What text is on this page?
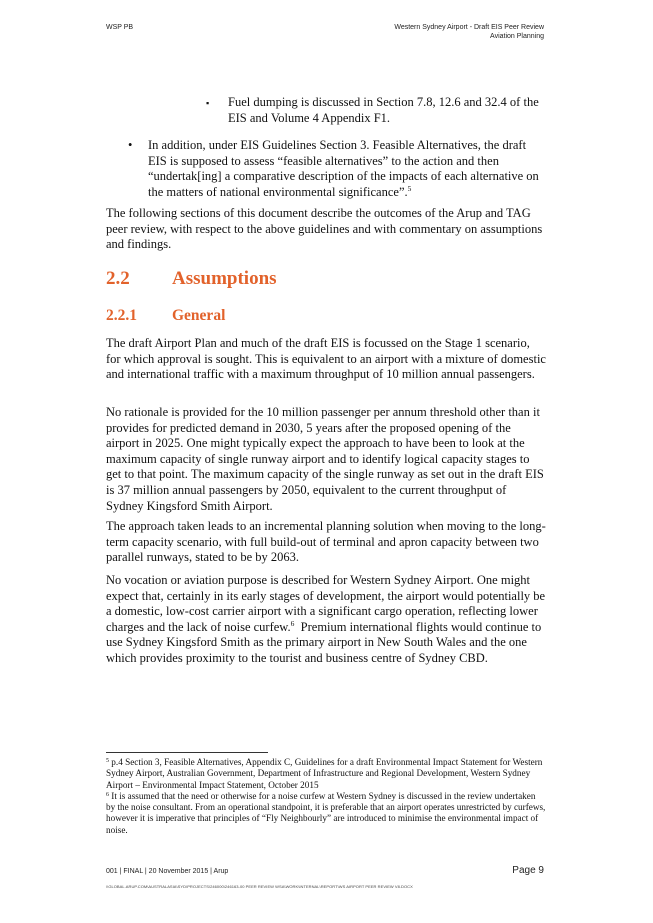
WSP PB	Western Sydney Airport - Draft EIS Peer Review
Aviation Planning
▪ Fuel dumping is discussed in Section 7.8, 12.6 and 32.4 of the EIS and Volume 4 Appendix F1.
• In addition, under EIS Guidelines Section 3. Feasible Alternatives, the draft EIS is supposed to assess “feasible alternatives” to the action and then “undertak[ing] a comparative description of the impacts of each alternative on the matters of national environmental significance”.$^5$

The following sections of this document describe the outcomes of the Arup and TAG peer review, with respect to the above guidelines and with commentary on assumptions and findings.

2.2 Assumptions
2.2.1 General

The draft Airport Plan and much of the draft EIS is focussed on the Stage 1 scenario, for which approval is sought. This is equivalent to an airport with a mixture of domestic and international traffic with a maximum throughput of 10 million annual passengers.

No rationale is provided for the 10 million passenger per annum threshold other than it provides for predicted demand in 2030, 5 years after the proposed opening of the airport in 2025. One might typically expect the approach to have been to look at the maximum capacity of single runway airport and to identify logical capacity stages to get to that point. The maximum capacity of the single runway as set out in the draft EIS is 37 million annual passengers by 2050, equivalent to the current throughput of Sydney Kingsford Smith Airport.

The approach taken leads to an incremental planning solution when moving to the long-term capacity scenario, with full build-out of terminal and apron capacity between two parallel runways, stated to be by 2063.

No vocation or aviation purpose is described for Western Sydney Airport. One might expect that, certainly in its early stages of development, the airport would potentially be a domestic, low-cost carrier airport with a significant cargo operation, reflecting lower charges and the lack of noise curfew.$^6$  Premium international flights would continue to use Sydney Kingsford Smith as the primary airport in New South Wales and the one which provides proximity to the tourist and business centre of Sydney CBD.

$^5$ p.4 Section 3, Feasible Alternatives, Appendix C, Guidelines for a draft Environmental Impact Statement for Western Sydney Airport, Australian Government, Department of Infrastructure and Regional Development, Western Sydney Airport – Environmental Impact Statement, October 2015

$^6$ It is assumed that the need or otherwise for a noise curfew at Western Sydney is discussed in the review undertaken by the noise consultant. From an operational standpoint, it is preferable that an airport operates unrestricted by curfews, however it is imperative that principles of “Fly Neighbourly” are introduced to minimise the environmental impact of noise.

001 | FINAL | 20 November 2015 | Arup	Page 9
\\GLOBAL.ARUP.COM\AUSTRALASIA\SYD\PROJECTS\246000\246163-00 PEER REVIEW WSA\WORK\INTERNAL\REPORT\WS AIRPORT PEER REVIEW V8.DOCX
